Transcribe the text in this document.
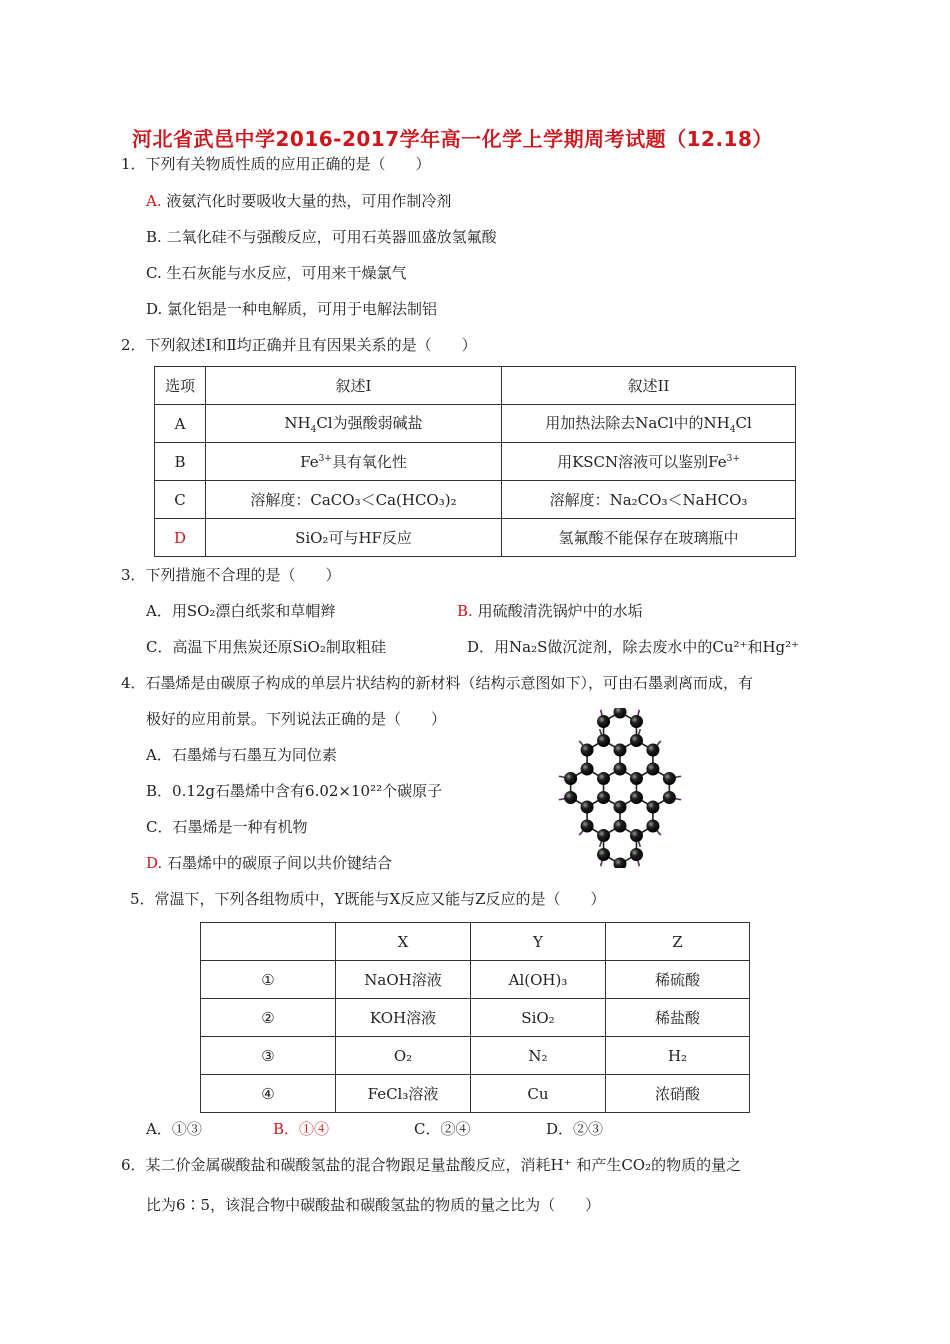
河北省武邑中学2016-2017学年高一化学上学期周考试题（12.18）
1．下列有关物质性质的应用正确的是（　　）
A. 液氨汽化时要吸收大量的热，可用作制冷剂
B. 二氧化硅不与强酸反应，可用石英器皿盛放氢氟酸
C. 生石灰能与水反应，可用来干燥氯气
D. 氯化铝是一种电解质，可用于电解法制铝
2．下列叙述Ⅰ和Ⅱ均正确并且有因果关系的是（　　）
选项	叙述Ⅰ	叙述II
A	$NH_4Cl$为强酸弱碱盐	用加热法除去NaCl中的$NH_4Cl$
B	$Fe^{3+}$具有氧化性	用KSCN溶液可以鉴别$Fe^{3+}$
C	溶解度：CaCO₃＜Ca(HCO₃)₂	溶解度：Na₂CO₃＜NaHCO₃
D	SiO₂可与HF反应	氢氟酸不能保存在玻璃瓶中
3．下列措施不合理的是（　　）
A．用SO₂漂白纸浆和草帽辫	B. 用硫酸清洗锅炉中的水垢
C．高温下用焦炭还原SiO₂制取粗硅	D．用Na₂S做沉淀剂，除去废水中的Cu²⁺和Hg²⁺
4．石墨烯是由碳原子构成的单层片状结构的新材料（结构示意图如下），可由石墨剥离而成，有
极好的应用前景。下列说法正确的是（　　）
A．石墨烯与石墨互为同位素
B．0.12g石墨烯中含有6.02×10²²个碳原子
C．石墨烯是一种有机物
D. 石墨烯中的碳原子间以共价键结合
5．常温下，下列各组物质中，Y既能与X反应又能与Z反应的是（　　）
	X	Y	Z
①	NaOH溶液	Al(OH)₃	稀硫酸
②	KOH溶液	SiO₂	稀盐酸
③	O₂	N₂	H₂
④	FeCl₃溶液	Cu	浓硝酸
A．①③	B．①④	C．②④	D．②③
6．某二价金属碳酸盐和碳酸氢盐的混合物跟足量盐酸反应，消耗H⁺ 和产生CO₂的物质的量之
比为6∶5，该混合物中碳酸盐和碳酸氢盐的物质的量之比为（　　）
